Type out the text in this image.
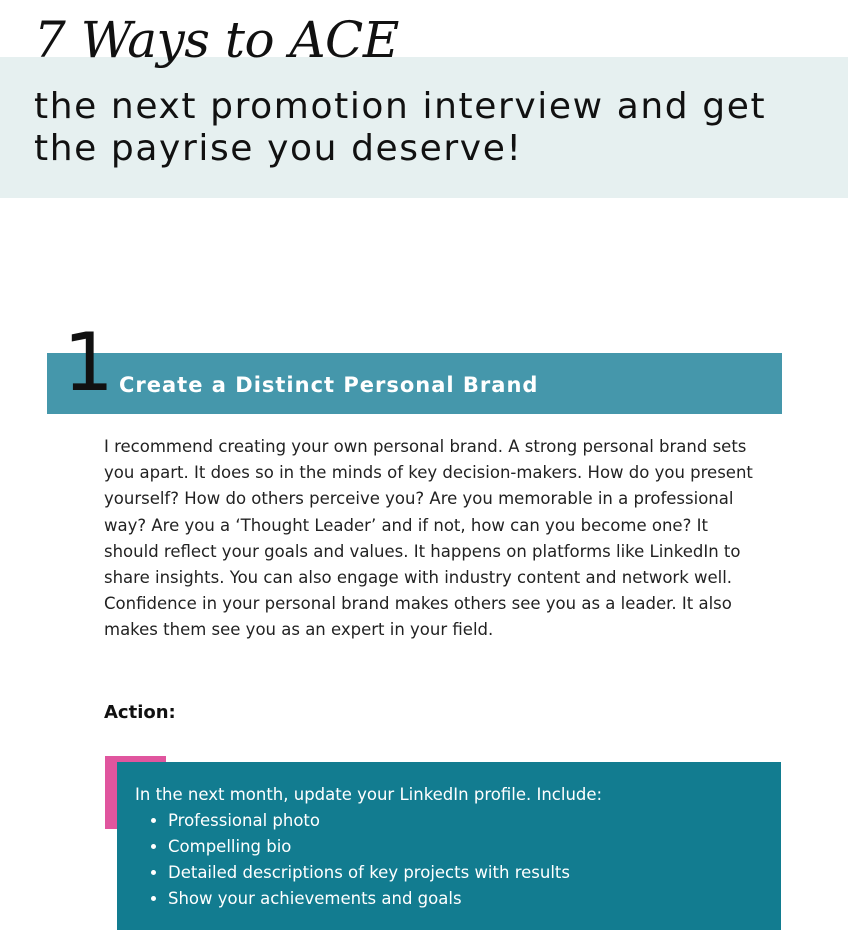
7 Ways to ACE
the next promotion interview and get the payrise you deserve!
1 Create a Distinct Personal Brand

I recommend creating your own personal brand. A strong personal brand sets you apart. It does so in the minds of key decision-makers. How do you present yourself? How do others perceive you? Are you memorable in a professional way? Are you a ‘Thought Leader’ and if not, how can you become one? It should reflect your goals and values. It happens on platforms like LinkedIn to share insights. You can also engage with industry content and network well. Confidence in your personal brand makes others see you as a leader. It also makes them see you as an expert in your field.

Action:

In the next month, update your LinkedIn profile. Include:

• Professional photo
• Compelling bio
• Detailed descriptions of key projects with results
• Show your achievements and goals
